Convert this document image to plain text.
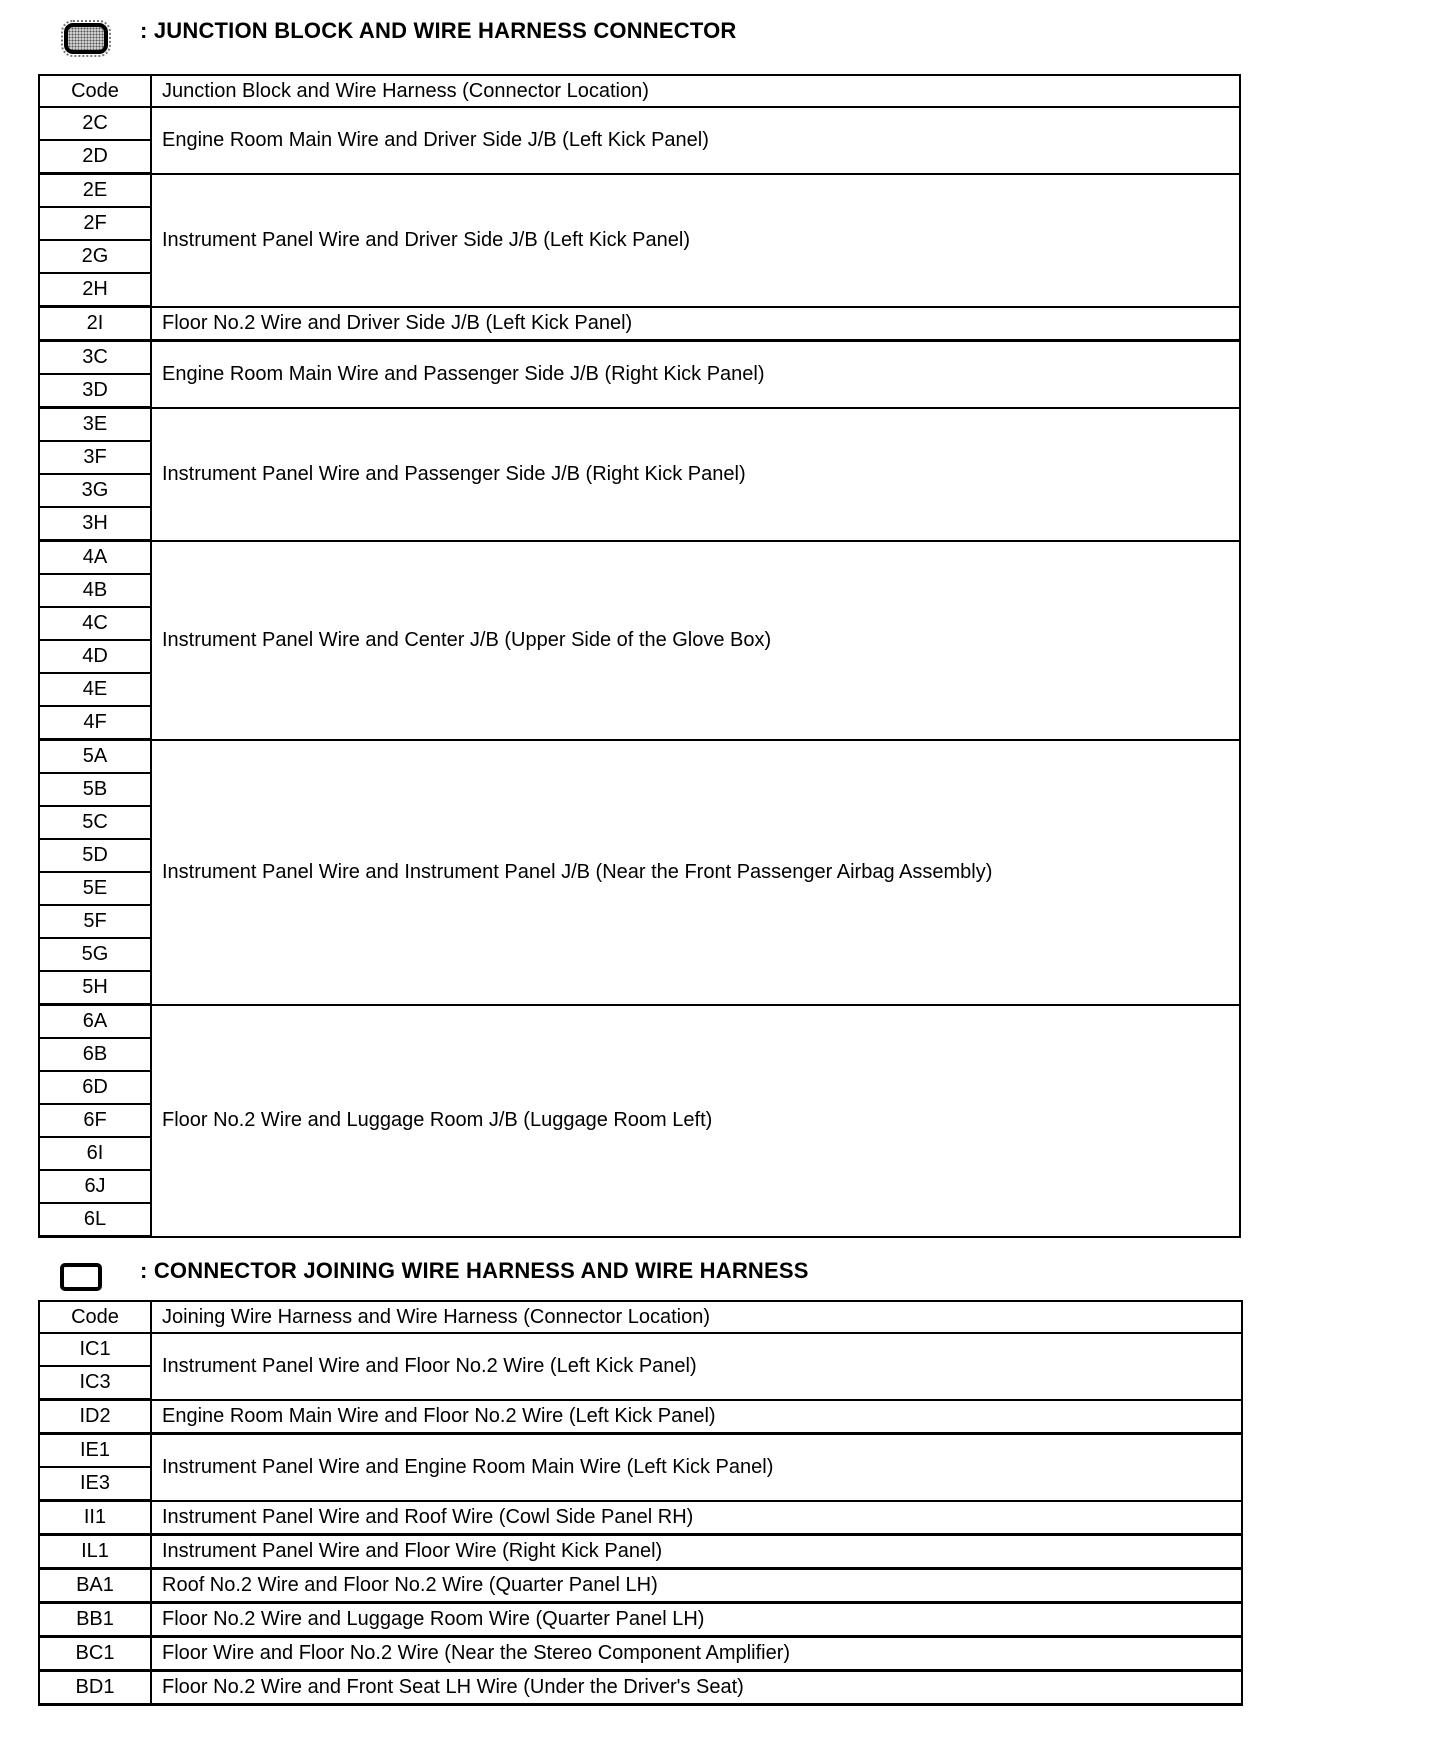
: JUNCTION BLOCK AND WIRE HARNESS CONNECTOR
Code	Junction Block and Wire Harness (Connector Location)
2C	Engine Room Main Wire and Driver Side J/B (Left Kick Panel)
2D	
2E	Instrument Panel Wire and Driver Side J/B (Left Kick Panel)
2F	
2G	
2H	
2I	Floor No.2 Wire and Driver Side J/B (Left Kick Panel)
3C	Engine Room Main Wire and Passenger Side J/B (Right Kick Panel)
3D	
3E	Instrument Panel Wire and Passenger Side J/B (Right Kick Panel)
3F	
3G	
3H	
4A	Instrument Panel Wire and Center J/B (Upper Side of the Glove Box)
4B	
4C	
4D	
4E	
4F	
5A	Instrument Panel Wire and Instrument Panel J/B (Near the Front Passenger Airbag Assembly)
5B	
5C	
5D	
5E	
5F	
5G	
5H	
6A	Floor No.2 Wire and Luggage Room J/B (Luggage Room Left)
6B	
6D	
6F	
6I	
6J	
6L	
: CONNECTOR JOINING WIRE HARNESS AND WIRE HARNESS
Code	Joining Wire Harness and Wire Harness (Connector Location)
IC1	Instrument Panel Wire and Floor No.2 Wire (Left Kick Panel)
IC3	
ID2	Engine Room Main Wire and Floor No.2 Wire (Left Kick Panel)
IE1	Instrument Panel Wire and Engine Room Main Wire (Left Kick Panel)
IE3	
II1	Instrument Panel Wire and Roof Wire (Cowl Side Panel RH)
IL1	Instrument Panel Wire and Floor Wire (Right Kick Panel)
BA1	Roof No.2 Wire and Floor No.2 Wire (Quarter Panel LH)
BB1	Floor No.2 Wire and Luggage Room Wire (Quarter Panel LH)
BC1	Floor Wire and Floor No.2 Wire (Near the Stereo Component Amplifier)
BD1	Floor No.2 Wire and Front Seat LH Wire (Under the Driver's Seat)
